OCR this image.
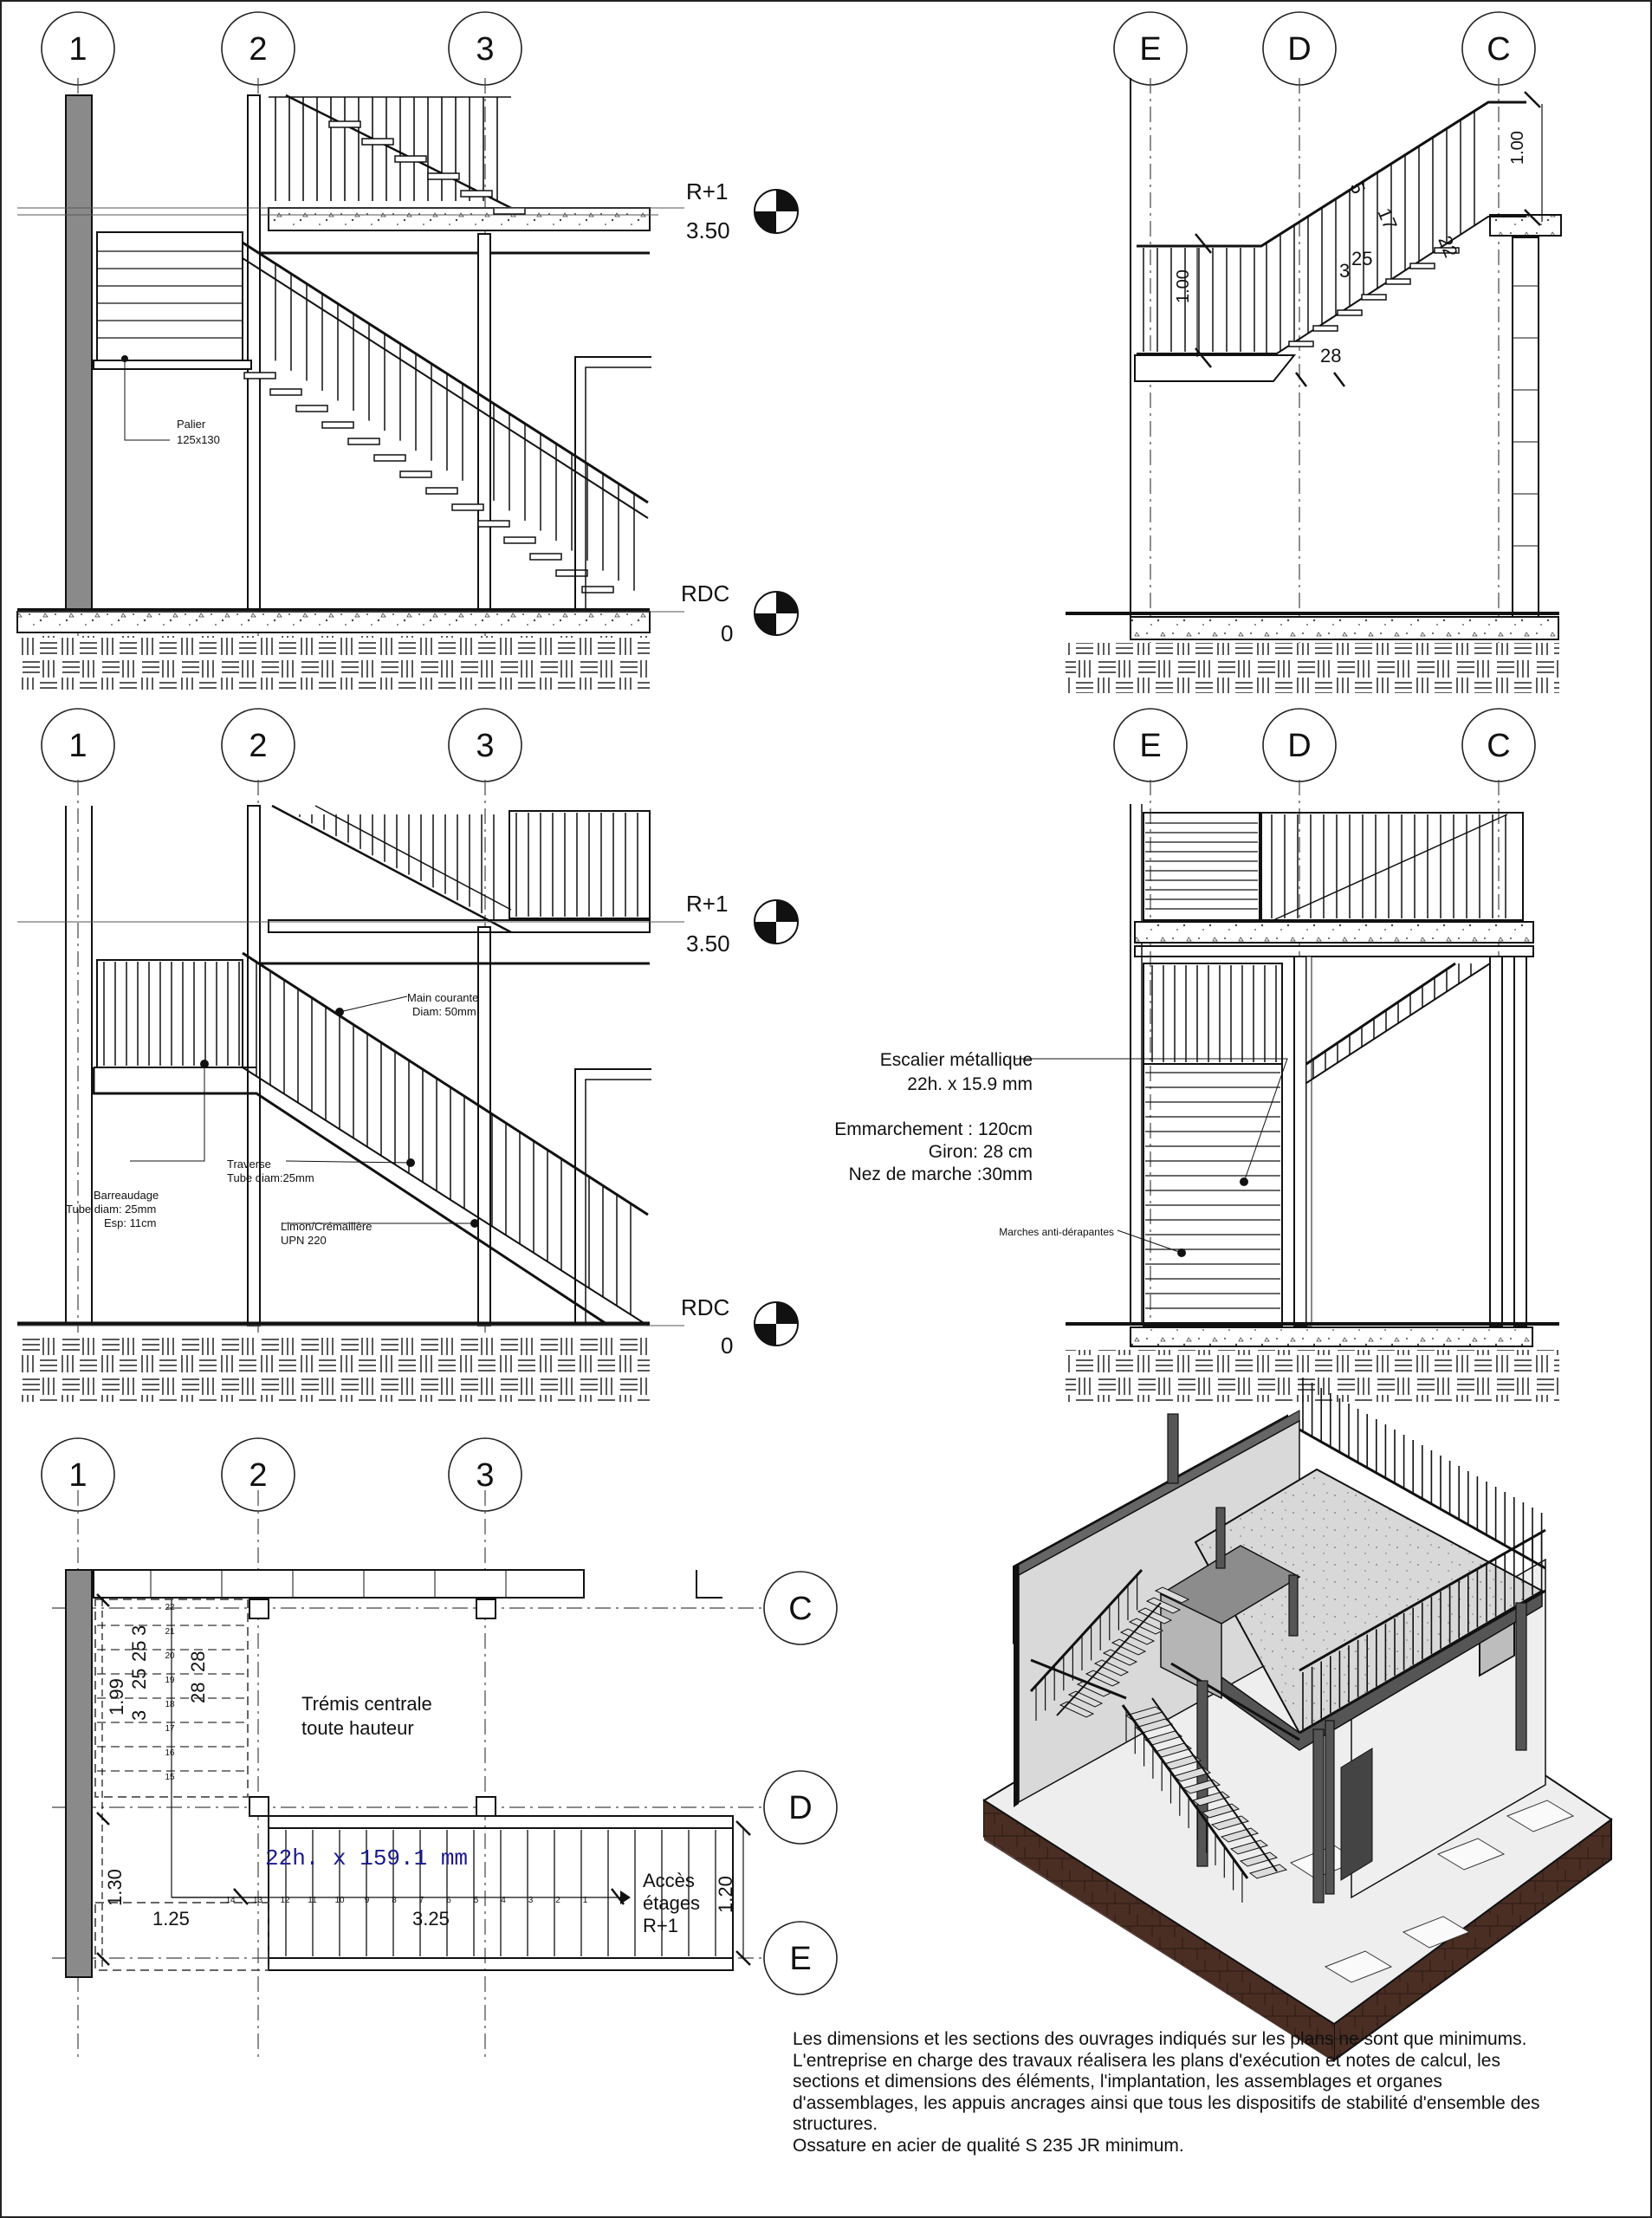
1	2	3
1	2	3
1	2	3
E	D	C
E	D	C
C
D
E
Palier
125x130
R+1
3.50
RDC
0
1.00
1.00
5
17
22
25
3
28
Main courante
Diam: 50mm
Barreaudage
Tube diam: 25mm
Esp: 11cm
Traverse
Tube diam:25mm
Limon/Crémaillère
UPN 220
R+1
3.50
RDC
0
Escalier métallique
22h. x 15.9 mm
Emmarchement : 120cm
Giron: 28 cm
Nez de marche :30mm
Marches anti-dérapantes
Trémis centrale
toute hauteur
22h. x 159.1 mm
1.99
1.30
1.25	3.25
1.20
25
25
3
3
28
28
Accès
étages
R+1
14 13 12 11 10 9	8	7	6	5	4	3	2	1
22
21
20
19
18
17
16
15
Les dimensions et les sections des ouvrages indiqués sur les plans ne sont que minimums.
L'entreprise en charge des travaux réalisera les plans d'exécution et notes de calcul, les
sections et dimensions des éléments, l'implantation, les assemblages et organes
d'assemblages, les appuis ancrages ainsi que tous les dispositifs de stabilité d'ensemble des
structures.
Ossature en acier de qualité S 235 JR minimum.
